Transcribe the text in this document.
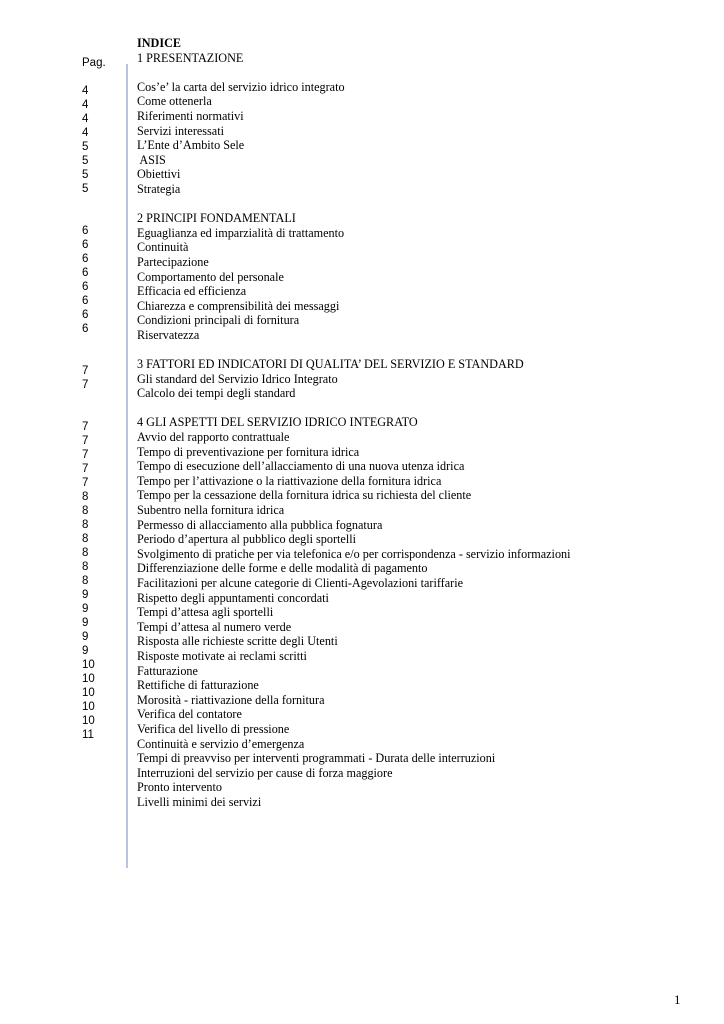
Pag.
4
4
4
4
5
5
5
5
6
6
6
6
6
6
6
6
7
7
7
7
7
7
7
8
8
8
8
8
8
8
9
9
9
9
9
10
10
10
10
10
11
INDICE
1 PRESENTAZIONE
Cos’e’ la carta del servizio idrico integrato
Come ottenerla
Riferimenti normativi
Servizi interessati
L’Ente d’Ambito Sele
ASIS
Obiettivi
Strategia
2 PRINCIPI FONDAMENTALI
Eguaglianza ed imparzialità di trattamento
Continuità
Partecipazione
Comportamento del personale
Efficacia ed efficienza
Chiarezza e comprensibilità dei messaggi
Condizioni principali di fornitura
Riservatezza
3 FATTORI ED INDICATORI DI QUALITA’ DEL SERVIZIO E STANDARD
Gli standard del Servizio Idrico Integrato
Calcolo dei tempi degli standard
4 GLI ASPETTI DEL SERVIZIO IDRICO INTEGRATO
Avvio del rapporto contrattuale
Tempo di preventivazione per fornitura idrica
Tempo di esecuzione dell’allacciamento di una nuova utenza idrica
Tempo per l’attivazione o la riattivazione della fornitura idrica
Tempo per la cessazione della fornitura idrica su richiesta del cliente
Subentro nella fornitura idrica
Permesso di allacciamento alla pubblica fognatura
Periodo d’apertura al pubblico degli sportelli
Svolgimento di pratiche per via telefonica e/o per corrispondenza - servizio informazioni
Differenziazione delle forme e delle modalità di pagamento
Facilitazioni per alcune categorie di Clienti-Agevolazioni tariffarie
Rispetto degli appuntamenti concordati
Tempi d’attesa agli sportelli
Tempi d’attesa al numero verde
Risposta alle richieste scritte degli Utenti
Risposte motivate ai reclami scritti
Fatturazione
Rettifiche di fatturazione
Morosità - riattivazione della fornitura
Verifica del contatore
Verifica del livello di pressione
Continuità e servizio d’emergenza
Tempi di preavviso per interventi programmati - Durata delle interruzioni
Interruzioni del servizio per cause di forza maggiore
Pronto intervento
Livelli minimi dei servizi
1
